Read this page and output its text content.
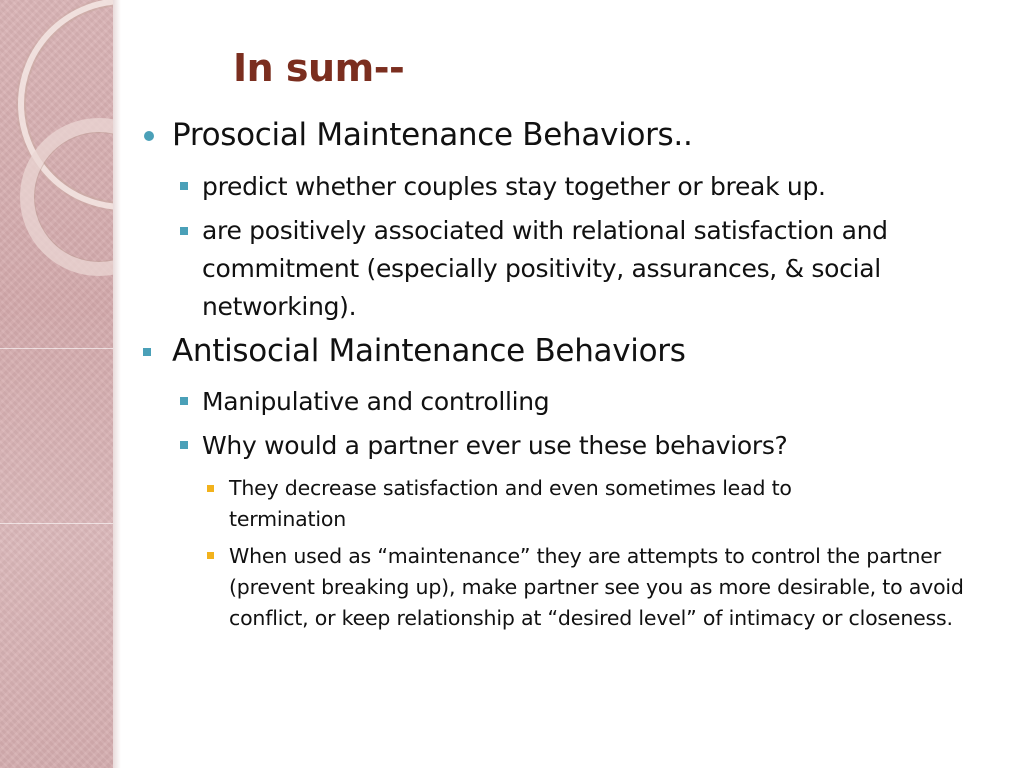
In sum--
Prosocial Maintenance Behaviors..
predict whether couples stay together or break up.
are positively associated with relational satisfaction and commitment (especially positivity, assurances, & social networking).
Antisocial Maintenance Behaviors
Manipulative and controlling
Why would a partner ever use these behaviors?
They decrease satisfaction and even sometimes lead to termination
When used as “maintenance” they are attempts to control the partner (prevent breaking up), make partner see you as more desirable, to avoid conflict, or keep relationship at “desired level” of intimacy or closeness.
